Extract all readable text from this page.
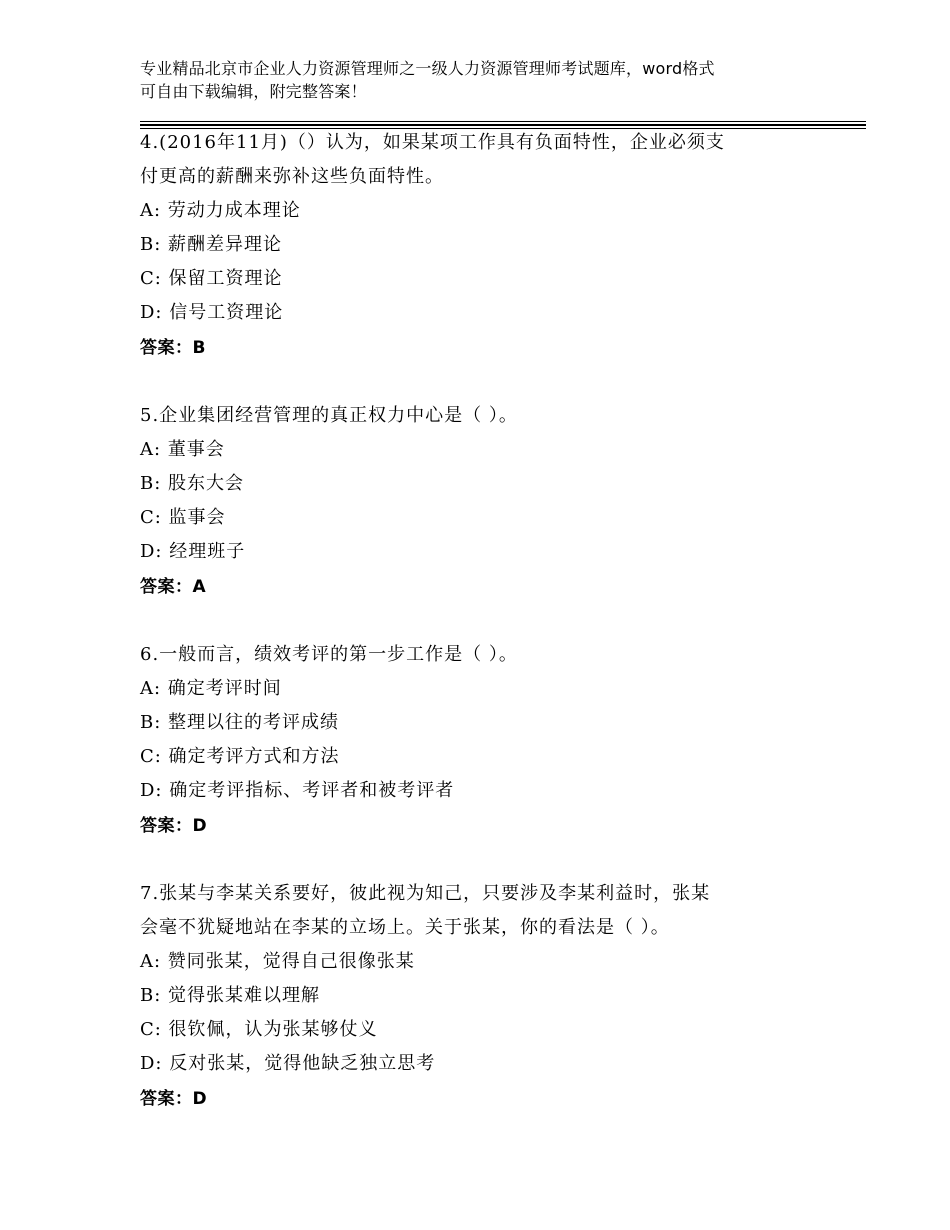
专业精品北京市企业人力资源管理师之一级人力资源管理师考试题库，word格式
可自由下载编辑，附完整答案！
4.(2016年11月)（）认为，如果某项工作具有负面特性，企业必须支
付更高的薪酬来弥补这些负面特性。
A: 劳动力成本理论
B: 薪酬差异理论
C: 保留工资理论
D: 信号工资理论
答案：B
5.企业集团经营管理的真正权力中心是（ ）。
A: 董事会
B: 股东大会
C: 监事会
D: 经理班子
答案：A
6.一般而言，绩效考评的第一步工作是（ ）。
A: 确定考评时间
B: 整理以往的考评成绩
C: 确定考评方式和方法
D: 确定考评指标、考评者和被考评者
答案：D
7.张某与李某关系要好，彼此视为知己，只要涉及李某利益时，张某
会毫不犹疑地站在李某的立场上。关于张某，你的看法是（ ）。
A: 赞同张某，觉得自己很像张某
B: 觉得张某难以理解
C: 很钦佩，认为张某够仗义
D: 反对张某，觉得他缺乏独立思考
答案：D
